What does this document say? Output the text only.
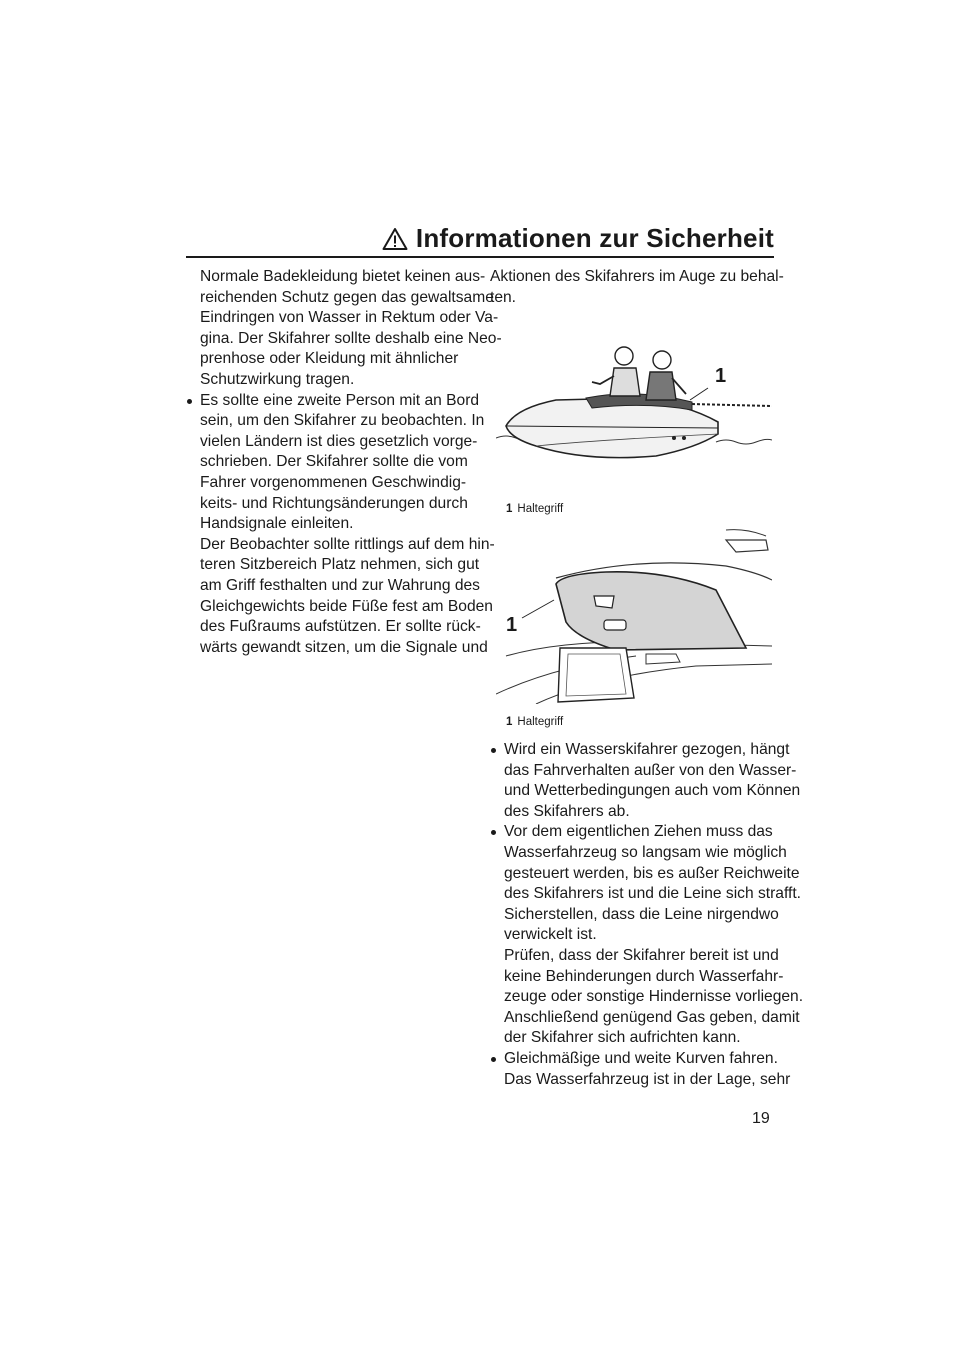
Informationen zur Sicherheit
Normale Badekleidung bietet keinen aus-
reichenden Schutz gegen das gewaltsame
Eindringen von Wasser in Rektum oder Va-
gina. Der Skifahrer sollte deshalb eine Neo-
prenhose oder Kleidung mit ähnlicher
Schutzwirkung tragen.
Es sollte eine zweite Person mit an Bord
sein, um den Skifahrer zu beobachten. In
vielen Ländern ist dies gesetzlich vorge-
schrieben. Der Skifahrer sollte die vom
Fahrer vorgenommenen Geschwindig-
keits- und Richtungsänderungen durch
Handsignale einleiten.
Der Beobachter sollte rittlings auf dem hin-
teren Sitzbereich Platz nehmen, sich gut
am Griff festhalten und zur Wahrung des
Gleichgewichts beide Füße fest am Boden
des Fußraums aufstützen. Er sollte rück-
wärts gewandt sitzen, um die Signale und
Aktionen des Skifahrers im Auge zu behal-
ten.
1
1 Haltegriff
1
1 Haltegriff
Wird ein Wasserskifahrer gezogen, hängt
das Fahrverhalten außer von den Wasser-
und Wetterbedingungen auch vom Können
des Skifahrers ab.
Vor dem eigentlichen Ziehen muss das
Wasserfahrzeug so langsam wie möglich
gesteuert werden, bis es außer Reichweite
des Skifahrers ist und die Leine sich strafft.
Sicherstellen, dass die Leine nirgendwo
verwickelt ist.
Prüfen, dass der Skifahrer bereit ist und
keine Behinderungen durch Wasserfahr-
zeuge oder sonstige Hindernisse vorliegen.
Anschließend genügend Gas geben, damit
der Skifahrer sich aufrichten kann.
Gleichmäßige und weite Kurven fahren.
Das Wasserfahrzeug ist in der Lage, sehr
19
